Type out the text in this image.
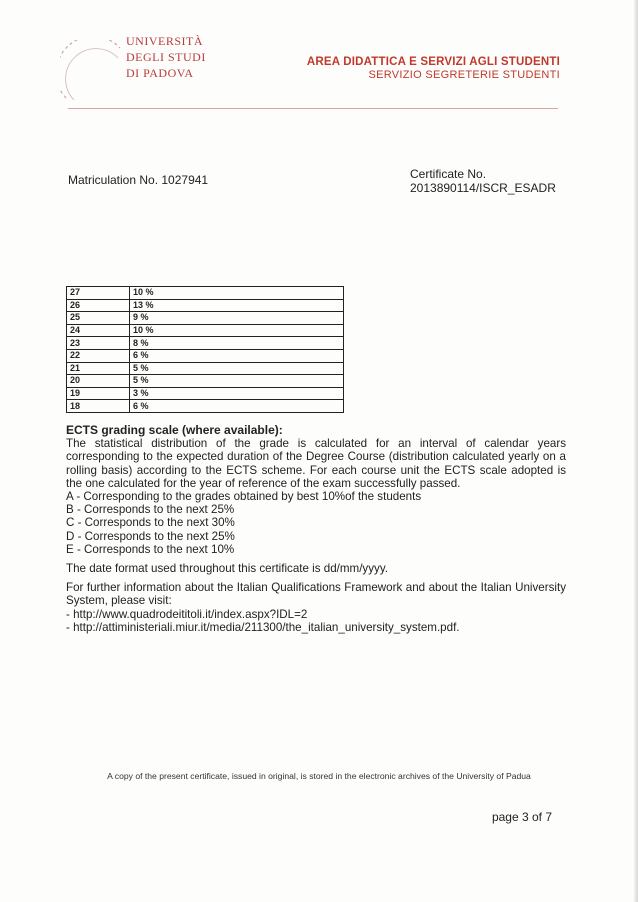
UNIVERSITÀ
DEGLI STUDI
DI PADOVA
AREA DIDATTICA E SERVIZI AGLI STUDENTI
SERVIZIO SEGRETERIE STUDENTI
Matriculation No. 1027941	Certificate No.
2013890114/ISCR_ESADR
27	10 %
26	13 %
25	9 %
24	10 %
23	8 %
22	6 %
21	5 %
20	5 %
19	3 %
18	6 %
ECTS grading scale (where available):

The statistical distribution of the grade is calculated for an interval of calendar years corresponding to the expected duration of the Degree Course (distribution calculated yearly on a rolling basis) according to the ECTS scheme. For each course unit the ECTS scale adopted is the one calculated for the year of reference of the exam successfully passed.

A - Corresponding to the grades obtained by best 10%of the students
B - Corresponds to the next 25%
C - Corresponds to the next 30%
D - Corresponds to the next 25%
E - Corresponds to the next 10%

The date format used throughout this certificate is dd/mm/yyyy.

For further information about the Italian Qualifications Framework and about the Italian University System, please visit:

- http://www.quadrodeititoli.it/index.aspx?IDL=2
- http://attiministeriali.miur.it/media/211300/the_italian_university_system.pdf.
A copy of the present certificate, issued in original, is stored in the electronic archives of the University of Padua
page 3 of 7
